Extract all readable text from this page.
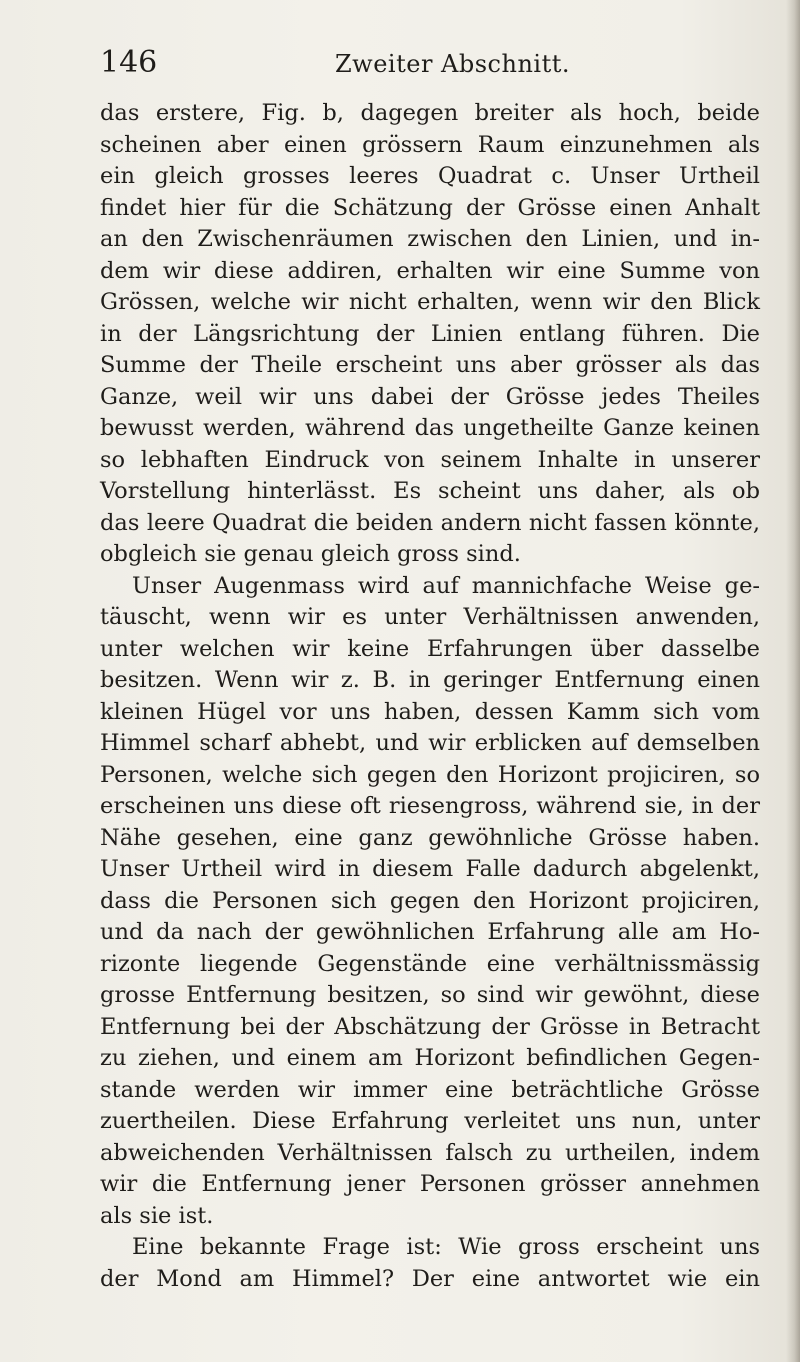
146	Zweiter Abschnitt.
das erstere, Fig. b, dagegen breiter als hoch, beide
scheinen aber einen grössern Raum einzunehmen als
ein gleich grosses leeres Quadrat c. Unser Urtheil
findet hier für die Schätzung der Grösse einen Anhalt
an den Zwischenräumen zwischen den Linien, und in-
dem wir diese addiren, erhalten wir eine Summe von
Grössen, welche wir nicht erhalten, wenn wir den Blick
in der Längsrichtung der Linien entlang führen. Die
Summe der Theile erscheint uns aber grösser als das
Ganze, weil wir uns dabei der Grösse jedes Theiles
bewusst werden, während das ungetheilte Ganze keinen
so lebhaften Eindruck von seinem Inhalte in unserer
Vorstellung hinterlässt. Es scheint uns daher, als ob
das leere Quadrat die beiden andern nicht fassen könnte,
obgleich sie genau gleich gross sind.
Unser Augenmass wird auf mannichfache Weise ge-
täuscht, wenn wir es unter Verhältnissen anwenden,
unter welchen wir keine Erfahrungen über dasselbe
besitzen. Wenn wir z. B. in geringer Entfernung einen
kleinen Hügel vor uns haben, dessen Kamm sich vom
Himmel scharf abhebt, und wir erblicken auf demselben
Personen, welche sich gegen den Horizont projiciren, so
erscheinen uns diese oft riesengross, während sie, in der
Nähe gesehen, eine ganz gewöhnliche Grösse haben.
Unser Urtheil wird in diesem Falle dadurch abgelenkt,
dass die Personen sich gegen den Horizont projiciren,
und da nach der gewöhnlichen Erfahrung alle am Ho-
rizonte liegende Gegenstände eine verhältnissmässig
grosse Entfernung besitzen, so sind wir gewöhnt, diese
Entfernung bei der Abschätzung der Grösse in Betracht
zu ziehen, und einem am Horizont befindlichen Gegen-
stande werden wir immer eine beträchtliche Grösse
zuertheilen. Diese Erfahrung verleitet uns nun, unter
abweichenden Verhältnissen falsch zu urtheilen, indem
wir die Entfernung jener Personen grösser annehmen
als sie ist.
Eine bekannte Frage ist: Wie gross erscheint uns
der Mond am Himmel? Der eine antwortet wie ein
